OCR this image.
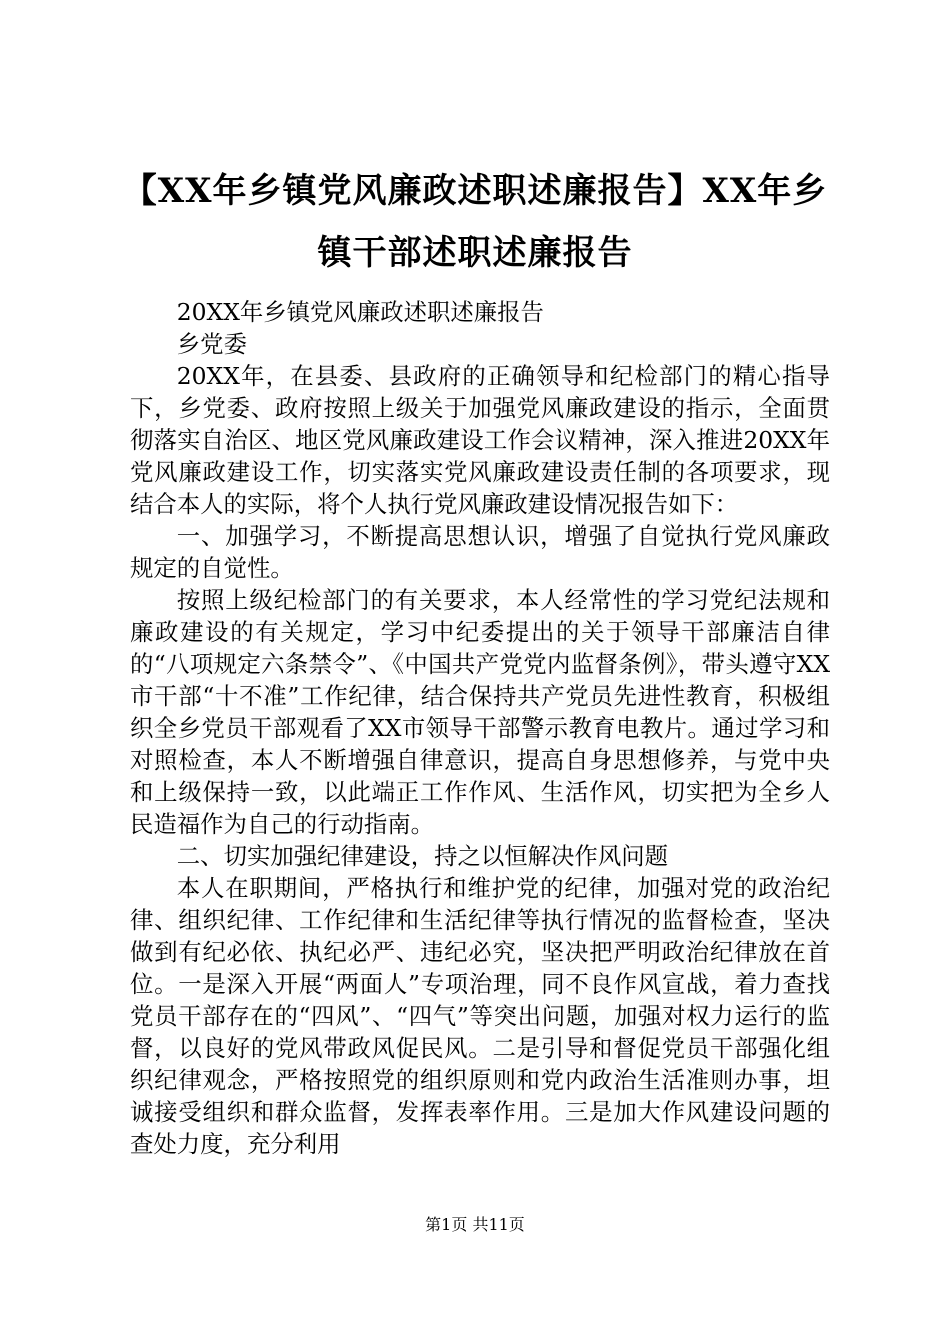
【XX年乡镇党风廉政述职述廉报告】XX年乡镇干部述职述廉报告

20XX年乡镇党风廉政述职述廉报告

乡党委

20XX年，在县委、县政府的正确领导和纪检部门的精心指导下，乡党委、政府按照上级关于加强党风廉政建设的指示，全面贯彻落实自治区、地区党风廉政建设工作会议精神，深入推进20XX年党风廉政建设工作，切实落实党风廉政建设责任制的各项要求，现结合本人的实际，将个人执行党风廉政建设情况报告如下：

一、加强学习，不断提高思想认识，增强了自觉执行党风廉政规定的自觉性。

按照上级纪检部门的有关要求，本人经常性的学习党纪法规和廉政建设的有关规定，学习中纪委提出的关于领导干部廉洁自律的“八项规定六条禁令”、《中国共产党党内监督条例》，带头遵守XX市干部“十不准”工作纪律，结合保持共产党员先进性教育，积极组织全乡党员干部观看了XX市领导干部警示教育电教片。通过学习和对照检查，本人不断增强自律意识，提高自身思想修养，与党中央和上级保持一致，以此端正工作作风、生活作风，切实把为全乡人民造福作为自己的行动指南。

二、切实加强纪律建设，持之以恒解决作风问题

本人在职期间，严格执行和维护党的纪律，加强对党的政治纪律、组织纪律、工作纪律和生活纪律等执行情况的监督检查，坚决做到有纪必依、执纪必严、违纪必究，坚决把严明政治纪律放在首位。一是深入开展“两面人”专项治理，同不良作风宣战，着力查找党员干部存在的“四风”、“四气”等突出问题，加强对权力运行的监督，以良好的党风带政风促民风。二是引导和督促党员干部强化组织纪律观念，严格按照党的组织原则和党内政治生活准则办事，坦诚接受组织和群众监督，发挥表率作用。三是加大作风建设问题的查处力度，充分利用

第1页 共11页
